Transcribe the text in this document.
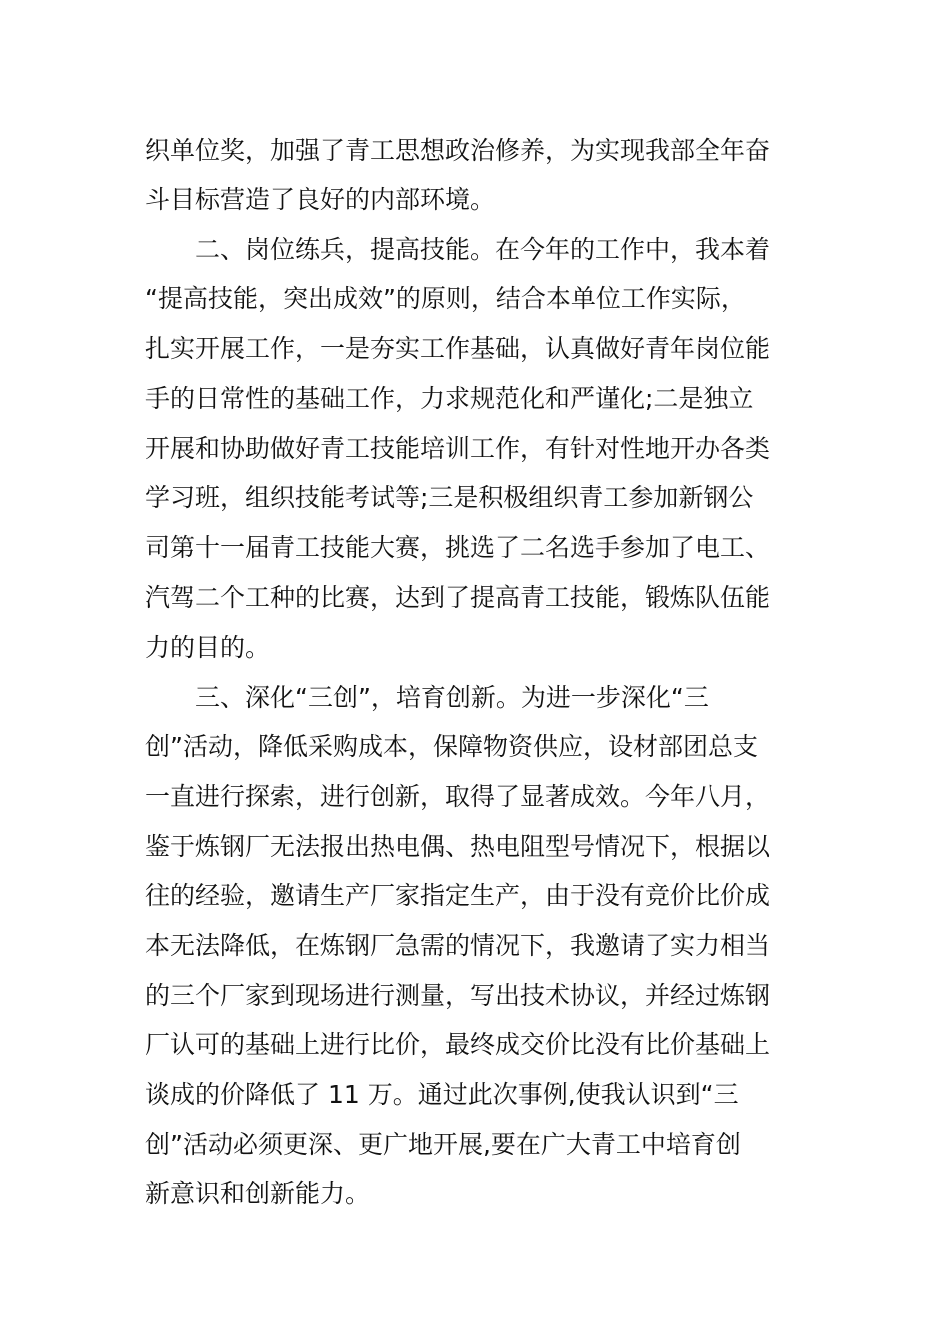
织单位奖，加强了青工思想政治修养，为实现我部全年奋
斗目标营造了良好的内部环境。
二、岗位练兵，提高技能。在今年的工作中，我本着
“提高技能，突出成效”的原则，结合本单位工作实际，
扎实开展工作，一是夯实工作基础，认真做好青年岗位能
手的日常性的基础工作，力求规范化和严谨化;二是独立
开展和协助做好青工技能培训工作，有针对性地开办各类
学习班，组织技能考试等;三是积极组织青工参加新钢公
司第十一届青工技能大赛，挑选了二名选手参加了电工、
汽驾二个工种的比赛，达到了提高青工技能，锻炼队伍能
力的目的。
三、深化“三创”，培育创新。为进一步深化“三
创”活动，降低采购成本，保障物资供应，设材部团总支
一直进行探索，进行创新，取得了显著成效。今年八月，
鉴于炼钢厂无法报出热电偶、热电阻型号情况下，根据以
往的经验，邀请生产厂家指定生产，由于没有竞价比价成
本无法降低，在炼钢厂急需的情况下，我邀请了实力相当
的三个厂家到现场进行测量，写出技术协议，并经过炼钢
厂认可的基础上进行比价，最终成交价比没有比价基础上
谈成的价降低了 11 万。通过此次事例,使我认识到“三
创”活动必须更深、更广地开展,要在广大青工中培育创
新意识和创新能力。
